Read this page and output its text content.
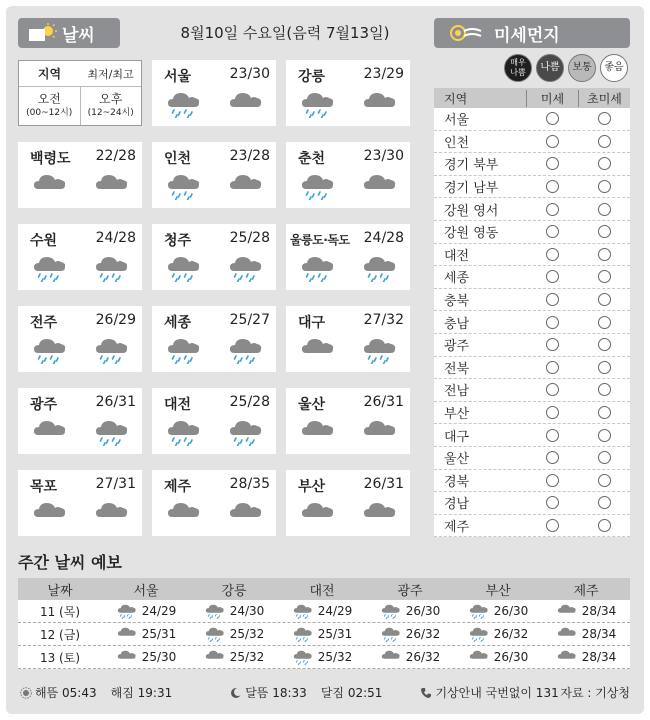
날씨	8월10일 수요일(음력 7월13일)	미세먼지
지역	최저/최고
오전
(00~12시)
오후
(12~24시)
서울	23/30 강릉	23/29
백령도 22/28 인천	23/28 춘천	23/30
수원	24/28 청주	25/28 울릉도·독도 24/28
전주	26/29 세종	25/27 대구	27/32
광주	26/31 대전	25/28 울산	26/31
목포	27/31 제주	28/35 부산	26/31
매우
나쁨	나쁨	보통	좋음
지역	미세	초미세
서울
인천
경기 북부
경기 남부
강원 영서
강원 영동
대전
세종
충북
충남
광주
전북
전남
부산
대구
울산
경북
경남
제주
주간 날씨 예보
날짜	서울	강릉	대전	광주	부산	제주
11 (목)	24/29	24/30	24/29	26/30	26/30	28/34
12 (금)	25/31	25/32	25/31	26/32	26/32	28/34
13 (토)	25/30	25/32	25/32	26/32	26/30	28/34
해뜸 05:43 해짐 19:31	달뜸 18:33 달짐 02:51	기상안내 국번없이 131 자료 : 기상청
